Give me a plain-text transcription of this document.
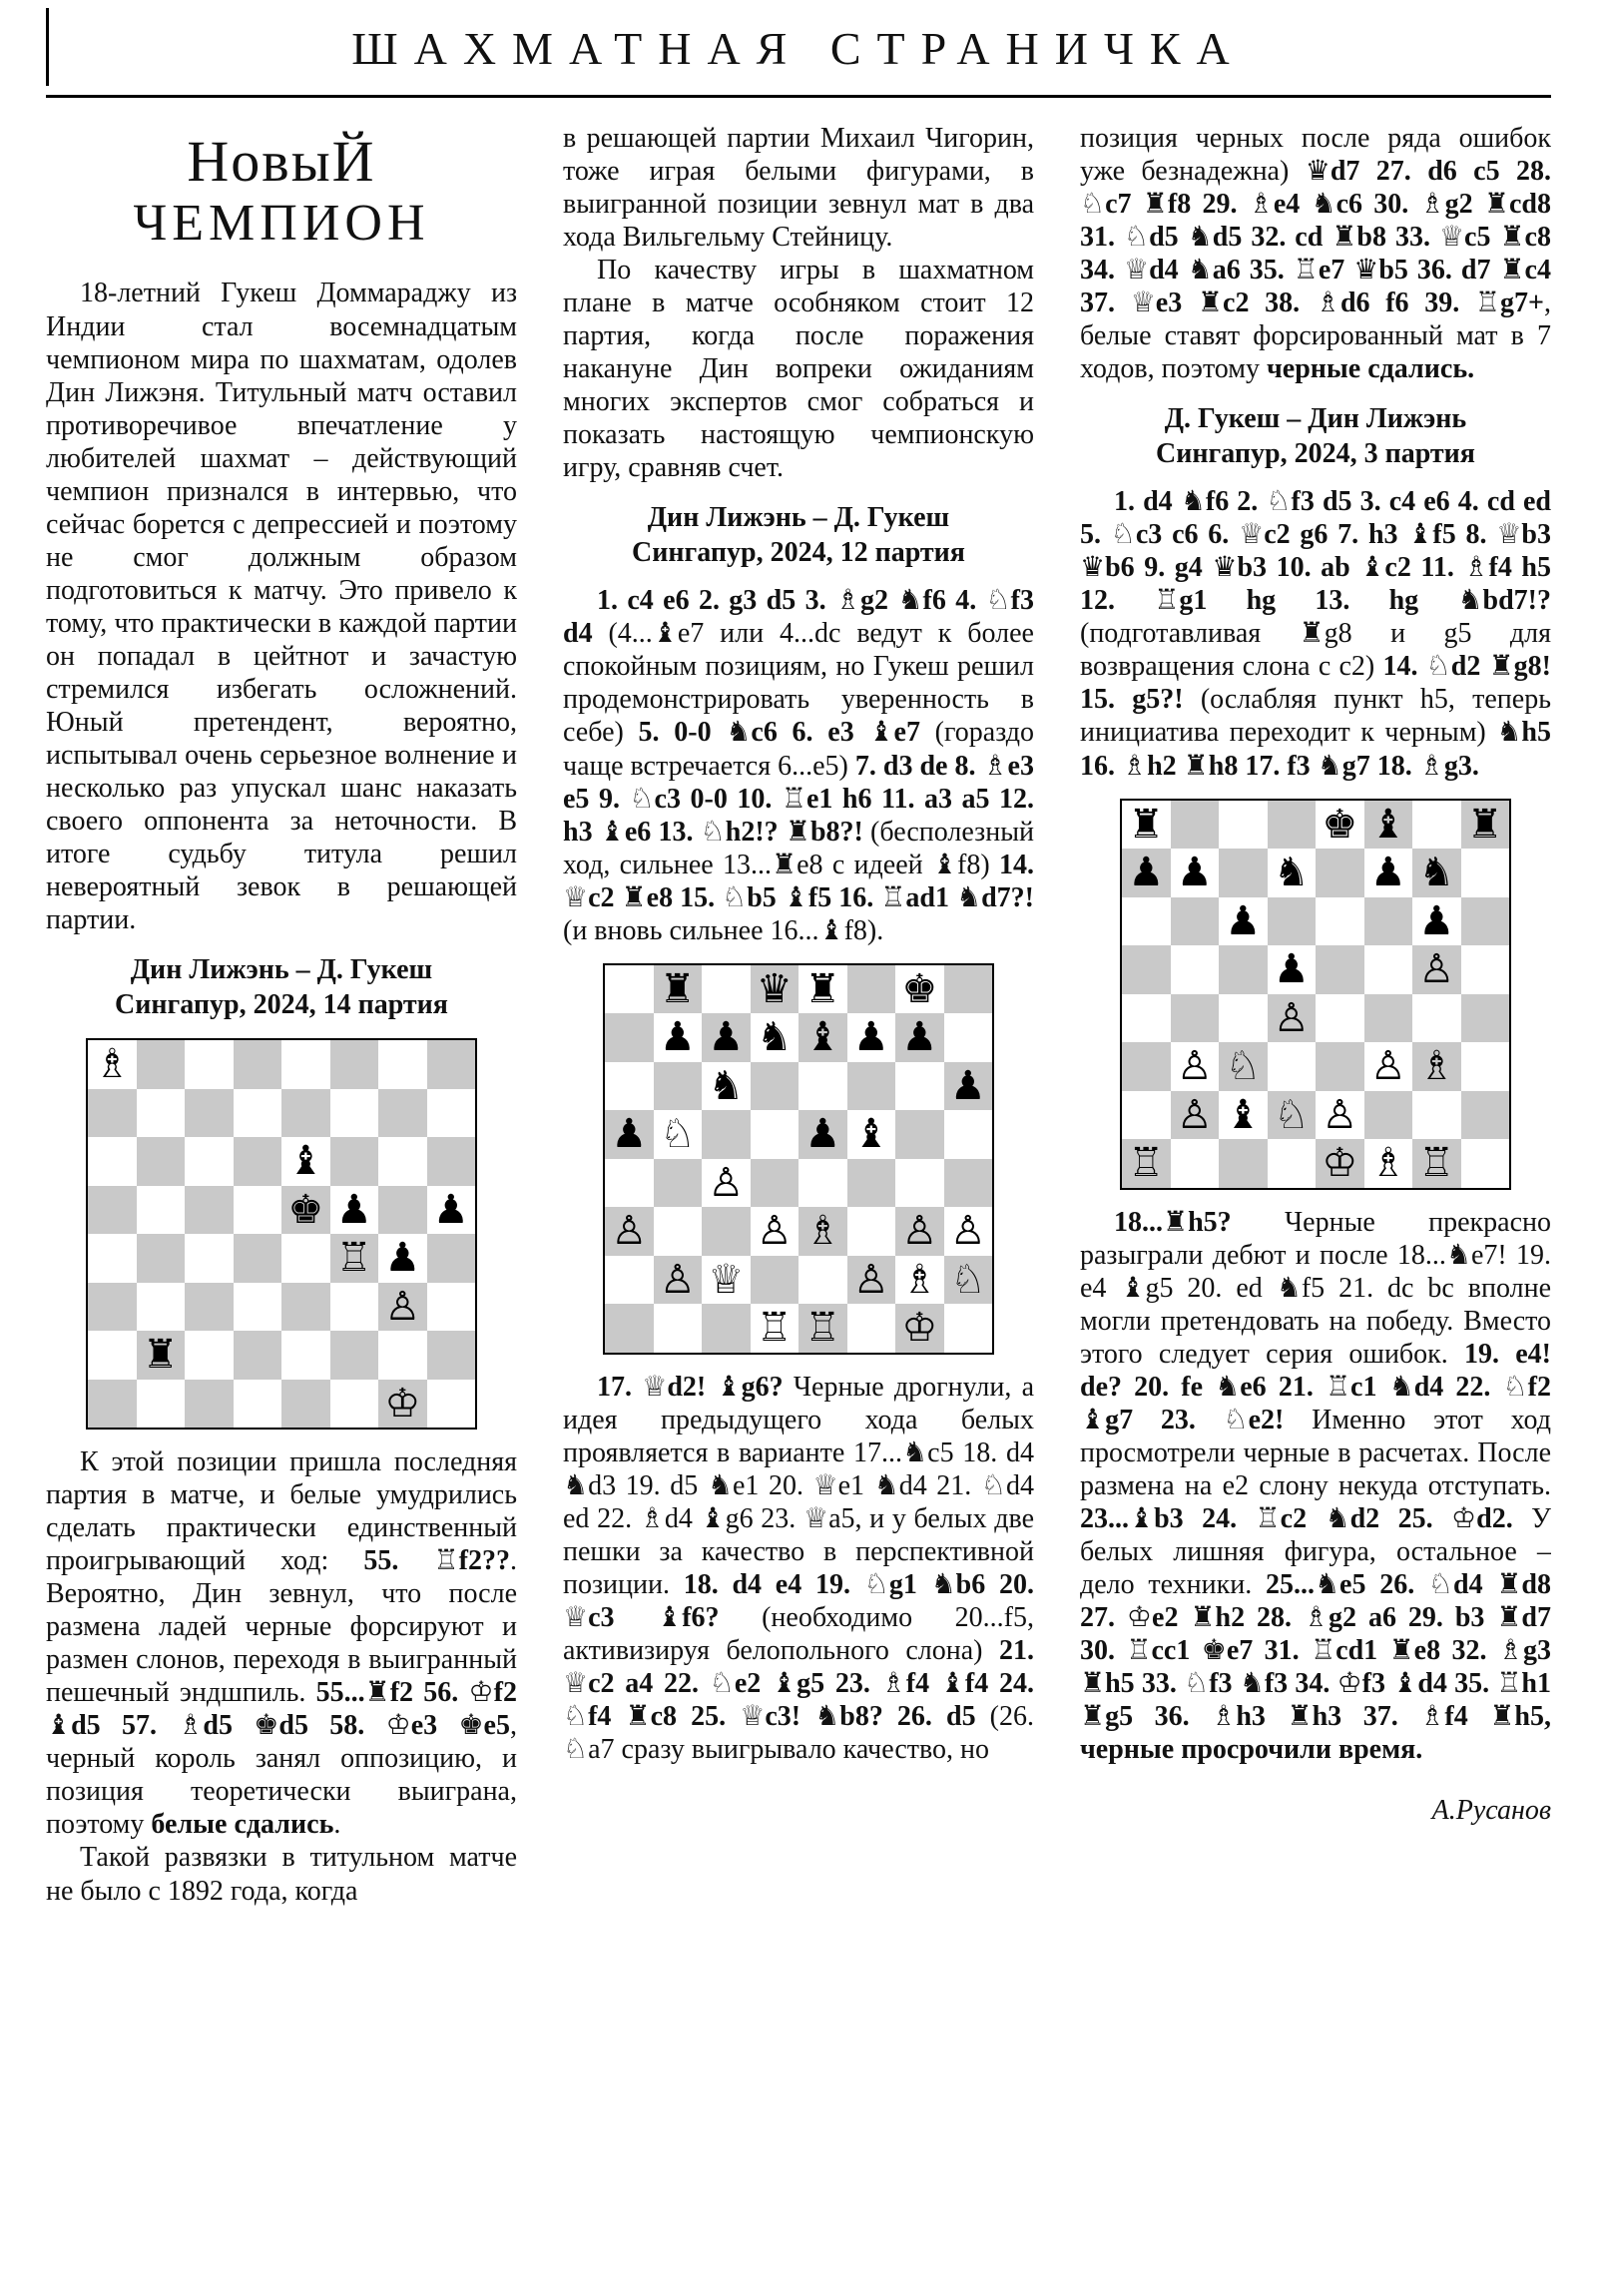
ШАХМАТНАЯ СТРАНИЧКА
НовыЙ
ЧЕМПИОН

18-летний Гукеш Доммараджу из Индии стал восемнадцатым чемпионом мира по шахматам, одолев Дин Лижэня. Титульный матч оставил противоречивое впечатление у любителей шахмат – действующий чемпион признался в интервью, что сейчас борется с депрессией и поэтому не смог должным образом подготовиться к матчу. Это привело к тому, что практически в каждой партии он попадал в цейтнот и зачастую стремился избегать осложнений. Юный претендент, вероятно, испытывал очень серьезное волнение и несколько раз упускал шанс наказать своего оппонента за неточности. В итоге судьбу титула решил невероятный зевок в решающей партии.

Дин Лижэнь – Д. Гукеш
Сингапур, 2024, 14 партия
♗
♝
♚ ♟ ♟
♖ ♟
♙
♜
♔

К этой позиции пришла последняя партия в матче, и белые умудрились сделать практически единственный проигрывающий ход: 55. ♖f2??. Вероятно, Дин зевнул, что после размена ладей черные форсируют и размен слонов, переходя в выигранный пешечный эндшпиль. 55...♜f2 56. ♔f2 ♝d5 57. ♗d5 ♚d5 58. ♔e3 ♚e5, черный король занял оппозицию, и позиция теоретически выиграна, поэтому белые сдались.

Такой развязки в титульном матче не было с 1892 года, когда

в решающей партии Михаил Чигорин, тоже играя белыми фигурами, в выигранной позиции зевнул мат в два хода Вильгельму Стейницу.

По качеству игры в шахматном плане в матче особняком стоит 12 партия, когда после поражения накануне Дин вопреки ожиданиям многих экспертов смог собраться и показать настоящую чемпионскую игру, сравняв счет.

Дин Лижэнь – Д. Гукеш
Сингапур, 2024, 12 партия

1. c4 e6 2. g3 d5 3. ♗g2 ♞f6 4. ♘f3 d4 (4...♝e7 или 4...dc ведут к более спокойным позициям, но Гукеш решил продемонстрировать уверенность в себе) 5. 0-0 ♞c6 6. e3 ♝e7 (гораздо чаще встречается 6...e5) 7. d3 de 8. ♗e3 e5 9. ♘c3 0-0 10. ♖e1 h6 11. a3 a5 12. h3 ♝e6 13. ♘h2!? ♜b8?! (бесполезный ход, сильнее 13...♜e8 с идеей ♝f8) 14. ♕c2 ♜e8 15. ♘b5 ♝f5 16. ♖ad1 ♞d7?! (и вновь сильнее 16...♝f8).

♜ ♛ ♜ ♚
♟ ♟ ♞ ♝ ♟ ♟
♞	♟
♟ ♘	♟ ♝
♙
♙	♙ ♗ ♙ ♙
♙ ♕	♙ ♗ ♘
♖ ♖ ♔

17. ♕d2! ♝g6? Черные дрогнули, а идея предыдущего хода белых проявляется в варианте 17...♞c5 18. d4 ♞d3 19. d5 ♞e1 20. ♕e1 ♞d4 21. ♘d4 ed 22. ♗d4 ♝g6 23. ♕a5, и у белых две пешки за качество в перспективной позиции. 18. d4 e4 19. ♘g1 ♞b6 20. ♕c3 ♝f6? (необходимо 20...f5, активизируя белопольного слона) 21. ♕c2 a4 22. ♘e2 ♝g5 23. ♗f4 ♝f4 24. ♘f4 ♜c8 25. ♕c3! ♞b8? 26. d5 (26. ♘a7 сразу выигрывало качество, но

позиция черных после ряда ошибок уже безнадежна) ♛d7 27. d6 c5 28. ♘c7 ♜f8 29. ♗e4 ♞c6 30. ♗g2 ♜cd8 31. ♘d5 ♞d5 32. cd ♜b8 33. ♕c5 ♜c8 34. ♕d4 ♞a6 35. ♖e7 ♛b5 36. d7 ♜c4 37. ♕e3 ♜c2 38. ♗d6 f6 39. ♖g7+, белые ставят форсированный мат в 7 ходов, поэтому черные сдались.

Д. Гукеш – Дин Лижэнь
Сингапур, 2024, 3 партия

1. d4 ♞f6 2. ♘f3 d5 3. c4 e6 4. cd ed 5. ♘c3 c6 6. ♕c2 g6 7. h3 ♝f5 8. ♕b3 ♛b6 9. g4 ♛b3 10. ab ♝c2 11. ♗f4 h5 12. ♖g1 hg 13. hg ♞bd7!? (подготавливая ♜g8 и g5 для возвращения слона с c2) 14. ♘d2 ♜g8! 15. g5?! (ослабляя пункт h5, теперь инициатива переходит к черным) ♞h5 16. ♗h2 ♜h8 17. f3 ♞g7 18. ♗g3.

♜	♚ ♝ ♜
♟ ♟ ♞ ♟ ♞
♟	♟
♟	♙
♙
♙ ♘	♙ ♗
♙ ♝ ♘ ♙
♖	♔ ♗ ♖

18...♜h5? Черные прекрасно разыграли дебют и после 18...♞e7! 19. e4 ♝g5 20. ed ♞f5 21. dc bc вполне могли претендовать на победу. Вместо этого следует серия ошибок. 19. e4! de? 20. fe ♞e6 21. ♖c1 ♞d4 22. ♘f2 ♝g7 23. ♘e2! Именно этот ход просмотрели черные в расчетах. После размена на e2 слону некуда отступать. 23...♝b3 24. ♖c2 ♞d2 25. ♔d2. У белых лишняя фигура, остальное – дело техники. 25...♞e5 26. ♘d4 ♜d8 27. ♔e2 ♜h2 28. ♗g2 a6 29. b3 ♜d7 30. ♖cc1 ♚e7 31. ♖cd1 ♜e8 32. ♗g3 ♜h5 33. ♘f3 ♞f3 34. ♔f3 ♝d4 35. ♖h1 ♜g5 36. ♗h3 ♜h3 37. ♗f4 ♜h5, черные просрочили время.

А.Русанов
